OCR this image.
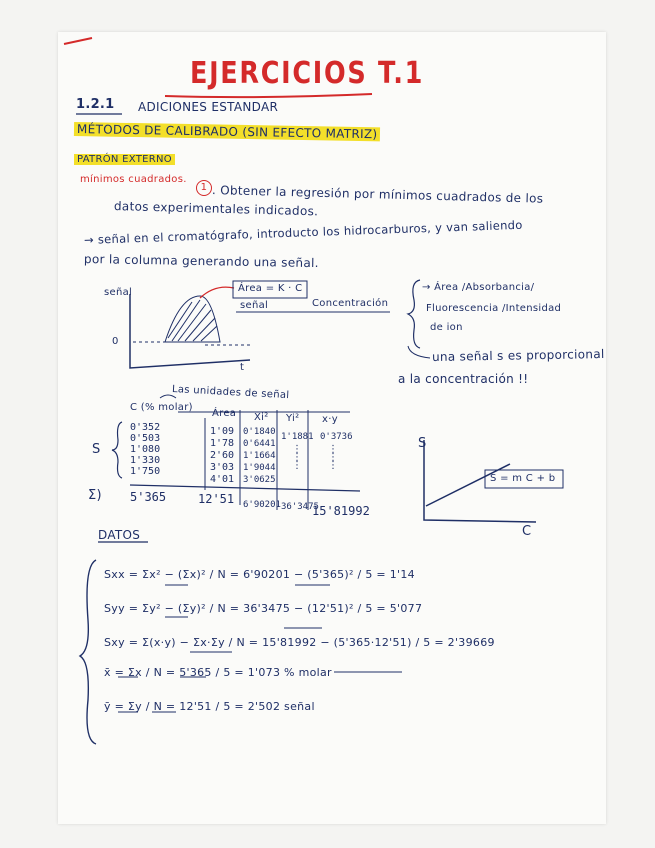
EJERCICIOS T.1
1.2.1 ADICIONES ESTANDAR
MÉTODOS DE CALIBRADO (SIN EFECTO MATRIZ)
PATRÓN EXTERNO
mínimos cuadrados.
1 . Obtener la regresión por mínimos cuadrados de los
datos experimentales indicados.
→ señal en el cromatógrafo, introducto los hidrocarburos, y van saliendo
por la columna generando una señal.
señal
0
t
Área = K · C
señal	Concentración
→ Área /Absorbancia/
Fluorescencia /Intensidad
de ion
una señal s es proporcional
a la concentración !!
Las unidades de señal
C (% molar)
Área Xi² Yi² x·y
S
0'352
0'503
1'080
1'330
1'750
1'09
1'78
2'60
3'03
4'01
0'1840
0'6441
1'1664
1'9044
3'0625
1'1881 0'3736
⋮
⋮
⋮
⋮
⋮
⋮
Σ) 5'365	12'51 6'90201 36'3475
15'81992
S
C
S = m C + b
DATOS
Sxx = Σx² − (Σx)² / N = 6'90201 − (5'365)² / 5 = 1'14
Syy = Σy² − (Σy)² / N = 36'3475 − (12'51)² / 5 = 5'077
Sxy = Σ(x·y) − Σx·Σy / N = 15'81992 − (5'365·12'51) / 5 = 2'39669
x̄ = Σx / N = 5'365 / 5 = 1'073 % molar
ȳ = Σy / N = 12'51 / 5 = 2'502 señal
